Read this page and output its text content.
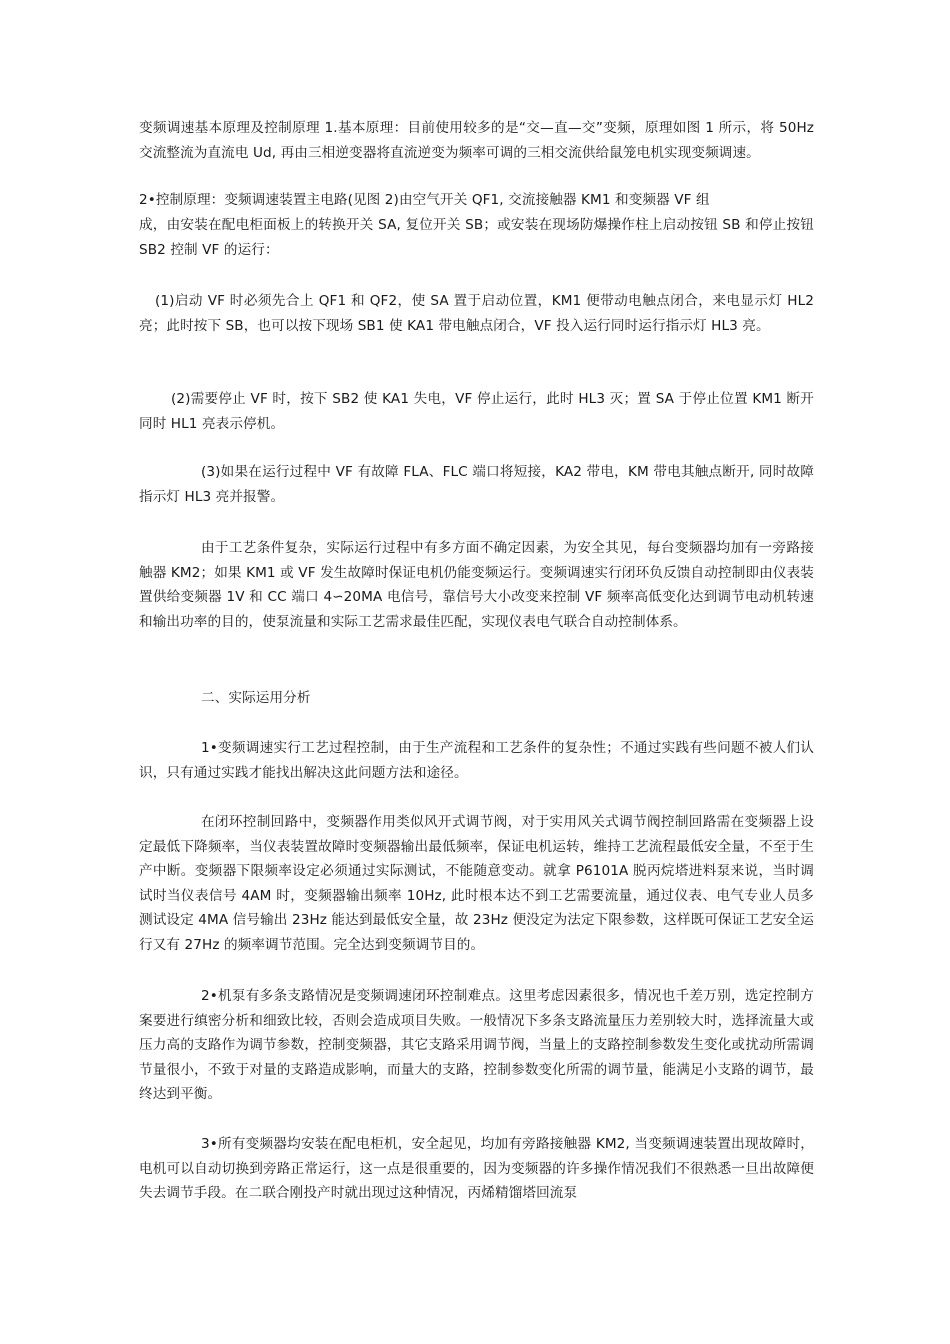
变频调速基本原理及控制原理 1.基本原理：目前使用较多的是“交—直—交”变频，原理如图 1 所示，将 50Hz 交流整流为直流电 Ud, 再由三相逆变器将直流逆变为频率可调的三相交流供给鼠笼电机实现变频调速。

2•控制原理：变频调速装置主电路(见图 2)由空气开关 QF1, 交流接触器 KM1 和变频器 VF 组

成，由安装在配电柜面板上的转换开关 SA, 复位开关 SB；或安装在现场防爆操作柱上启动按钮 SB 和停止按钮 SB2 控制 VF 的运行：

(1)启动 VF 时必须先合上 QF1 和 QF2，使 SA 置于启动位置，KM1 便带动电触点闭合，来电显示灯 HL2 亮；此时按下 SB，也可以按下现场 SB1 使 KA1 带电触点闭合，VF 投入运行同时运行指示灯 HL3 亮。

(2)需要停止 VF 时，按下 SB2 使 KA1 失电，VF 停止运行，此时 HL3 灭；置 SA 于停止位置 KM1 断开同时 HL1 亮表示停机。

(3)如果在运行过程中 VF 有故障 FLA、FLC 端口将短接，KA2 带电，KM 带电其触点断开, 同时故障指示灯 HL3 亮并报警。

由于工艺条件复杂，实际运行过程中有多方面不确定因素，为安全其见，每台变频器均加有一旁路接触器 KM2；如果 KM1 或 VF 发生故障时保证电机仍能变频运行。变频调速实行闭环负反馈自动控制即由仪表装置供给变频器 1V 和 CC 端口 4∽20MA 电信号，靠信号大小改变来控制 VF 频率高低变化达到调节电动机转速和输出功率的目的，使泵流量和实际工艺需求最佳匹配，实现仪表电气联合自动控制体系。

二、实际运用分析

1•变频调速实行工艺过程控制，由于生产流程和工艺条件的复杂性；不通过实践有些问题不被人们认识，只有通过实践才能找出解决这此问题方法和途径。

在闭环控制回路中，变频器作用类似风开式调节阀，对于实用风关式调节阀控制回路需在变频器上设定最低下降频率，当仪表装置故障时变频器输出最低频率，保证电机运转，维持工艺流程最低安全量，不至于生产中断。变频器下限频率设定必须通过实际测试，不能随意变动。就拿 P6101A 脱丙烷塔进料泵来说，当时调试时当仪表信号 4AM 时，变频器输出频率 10Hz, 此时根本达不到工艺需要流量，通过仪表、电气专业人员多测试设定 4MA 信号输出 23Hz 能达到最低安全量，故 23Hz 便没定为法定下限参数，这样既可保证工艺安全运行又有 27Hz 的频率调节范围。完全达到变频调节目的。

2•机泵有多条支路情况是变频调速闭环控制难点。这里考虑因素很多，情况也千差万别，选定控制方案要进行缜密分析和细致比较，否则会造成项目失败。一般情况下多条支路流量压力差别较大时，选择流量大或压力高的支路作为调节参数，控制变频器，其它支路采用调节阀，当量上的支路控制参数发生变化或扰动所需调节量很小，不致于对量的支路造成影响，而量大的支路，控制参数变化所需的调节量，能满足小支路的调节，最终达到平衡。

3•所有变频器均安装在配电柜机，安全起见，均加有旁路接触器 KM2, 当变频调速装置出现故障时，电机可以自动切换到旁路正常运行，这一点是很重要的，因为变频器的许多操作情况我们不很熟悉一旦出故障便失去调节手段。在二联合刚投产时就出现过这种情况，丙烯精馏塔回流泵
